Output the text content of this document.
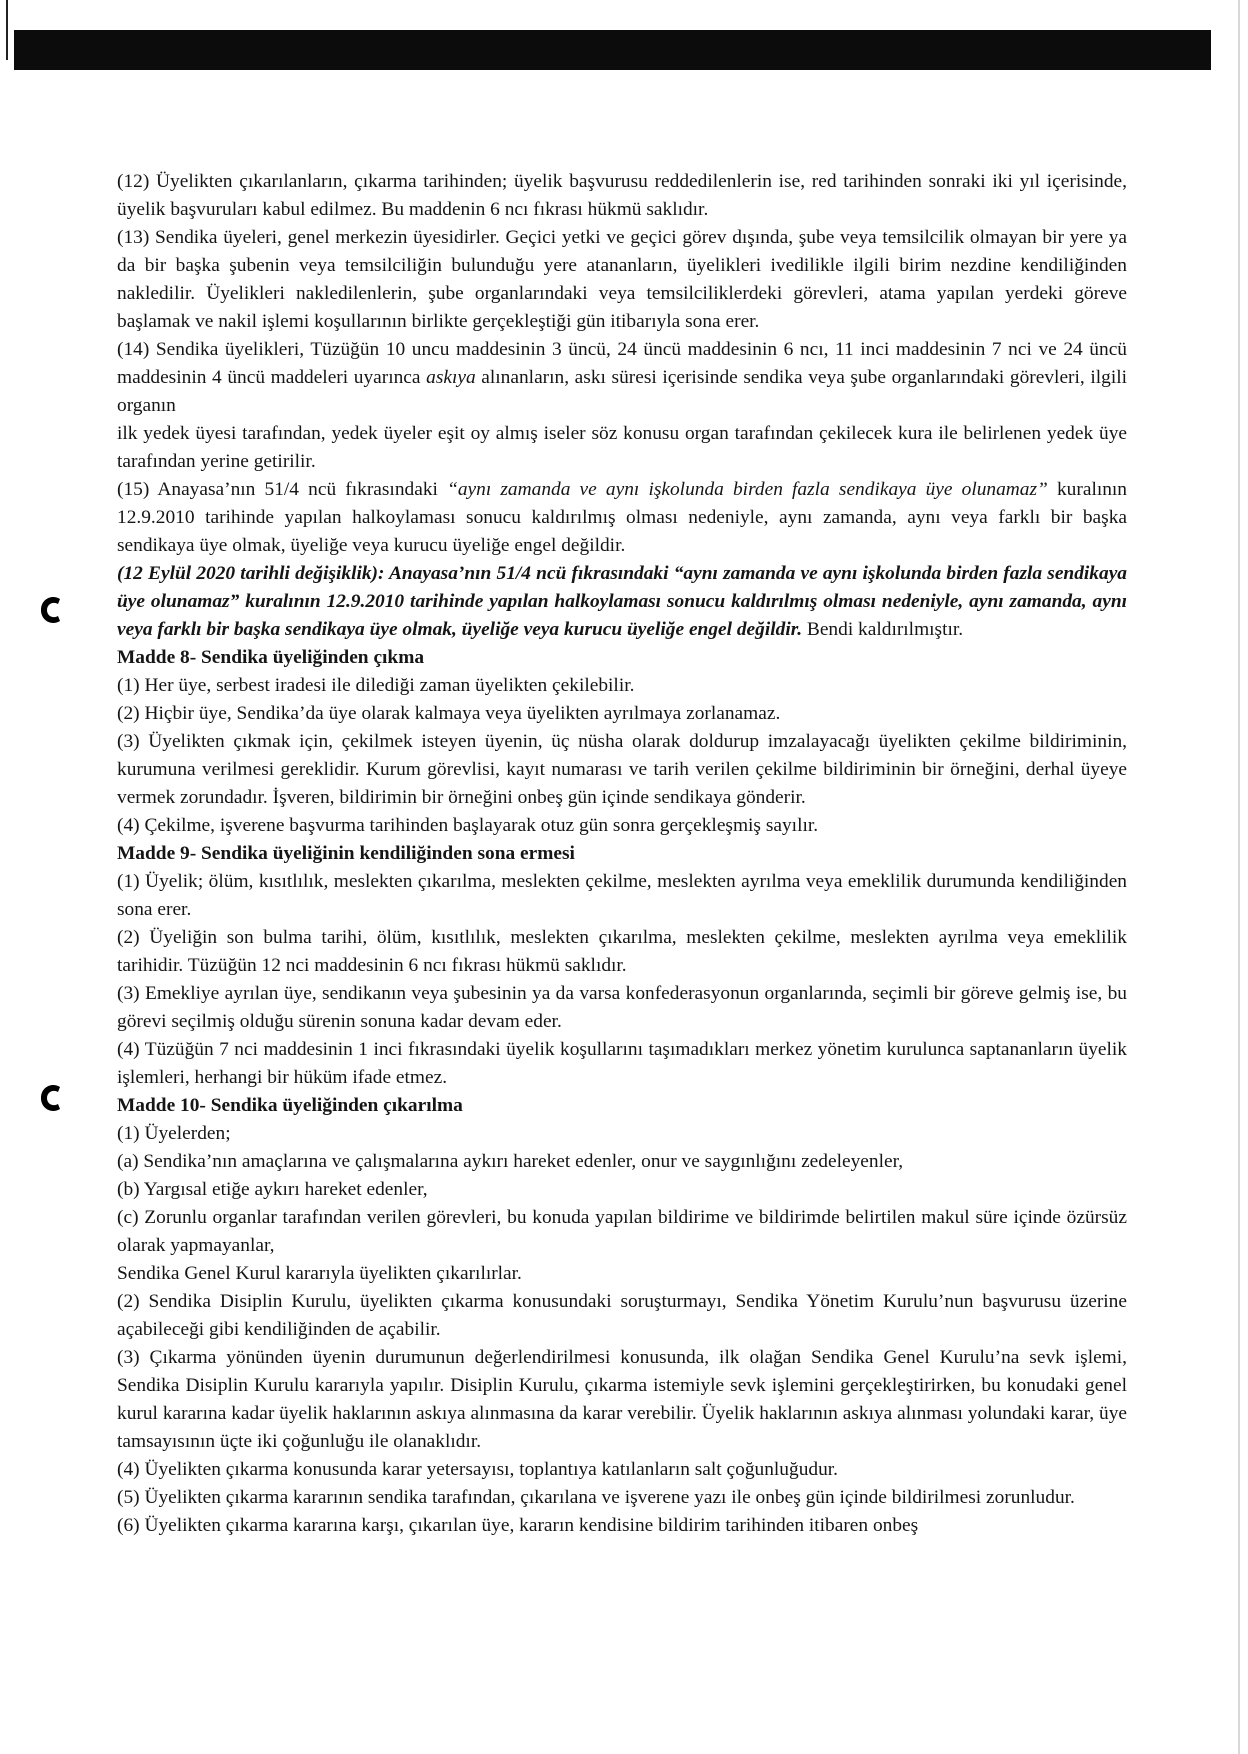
(12) Üyelikten çıkarılanların, çıkarma tarihinden; üyelik başvurusu reddedilenlerin ise, red tarihinden sonraki iki yıl içerisinde, üyelik başvuruları kabul edilmez. Bu maddenin 6 ncı fıkrası hükmü saklıdır.

(13) Sendika üyeleri, genel merkezin üyesidirler. Geçici yetki ve geçici görev dışında, şube veya temsilcilik olmayan bir yere ya da bir başka şubenin veya temsilciliğin bulunduğu yere atananların, üyelikleri ivedilikle ilgili birim nezdine kendiliğinden nakledilir. Üyelikleri nakledilenlerin, şube organlarındaki veya temsilciliklerdeki görevleri, atama yapılan yerdeki göreve başlamak ve nakil işlemi koşullarının birlikte gerçekleştiği gün itibarıyla sona erer.

(14) Sendika üyelikleri, Tüzüğün 10 uncu maddesinin 3 üncü, 24 üncü maddesinin 6 ncı, 11 inci maddesinin 7 nci ve 24 üncü maddesinin 4 üncü maddeleri uyarınca askıya alınanların, askı süresi içerisinde sendika veya şube organlarındaki görevleri, ilgili organın

ilk yedek üyesi tarafından, yedek üyeler eşit oy almış iseler söz konusu organ tarafından çekilecek kura ile belirlenen yedek üye tarafından yerine getirilir.

(15) Anayasa’nın 51/4 ncü fıkrasındaki “aynı zamanda ve aynı işkolunda birden fazla sendikaya üye olunamaz” kuralının 12.9.2010 tarihinde yapılan halkoylaması sonucu kaldırılmış olması nedeniyle, aynı zamanda, aynı veya farklı bir başka sendikaya üye olmak, üyeliğe veya kurucu üyeliğe engel değildir.

(12 Eylül 2020 tarihli değişiklik): Anayasa’nın 51/4 ncü fıkrasındaki “aynı zamanda ve aynı işkolunda birden fazla sendikaya üye olunamaz” kuralının 12.9.2010 tarihinde yapılan halkoylaması sonucu kaldırılmış olması nedeniyle, aynı zamanda, aynı veya farklı bir başka sendikaya üye olmak, üyeliğe veya kurucu üyeliğe engel değildir. Bendi kaldırılmıştır.

Madde 8- Sendika üyeliğinden çıkma

(1) Her üye, serbest iradesi ile dilediği zaman üyelikten çekilebilir.

(2) Hiçbir üye, Sendika’da üye olarak kalmaya veya üyelikten ayrılmaya zorlanamaz.

(3) Üyelikten çıkmak için, çekilmek isteyen üyenin, üç nüsha olarak doldurup imzalayacağı üyelikten çekilme bildiriminin, kurumuna verilmesi gereklidir. Kurum görevlisi, kayıt numarası ve tarih verilen çekilme bildiriminin bir örneğini, derhal üyeye vermek zorundadır. İşveren, bildirimin bir örneğini onbeş gün içinde sendikaya gönderir.

(4) Çekilme, işverene başvurma tarihinden başlayarak otuz gün sonra gerçekleşmiş sayılır.

Madde 9- Sendika üyeliğinin kendiliğinden sona ermesi

(1) Üyelik; ölüm, kısıtlılık, meslekten çıkarılma, meslekten çekilme, meslekten ayrılma veya emeklilik durumunda kendiliğinden sona erer.

(2) Üyeliğin son bulma tarihi, ölüm, kısıtlılık, meslekten çıkarılma, meslekten çekilme, meslekten ayrılma veya emeklilik tarihidir. Tüzüğün 12 nci maddesinin 6 ncı fıkrası hükmü saklıdır.

(3) Emekliye ayrılan üye, sendikanın veya şubesinin ya da varsa konfederasyonun organlarında, seçimli bir göreve gelmiş ise, bu görevi seçilmiş olduğu sürenin sonuna kadar devam eder.

(4) Tüzüğün 7 nci maddesinin 1 inci fıkrasındaki üyelik koşullarını taşımadıkları merkez yönetim kurulunca saptananların üyelik işlemleri, herhangi bir hüküm ifade etmez.

Madde 10- Sendika üyeliğinden çıkarılma

(1) Üyelerden;

(a) Sendika’nın amaçlarına ve çalışmalarına aykırı hareket edenler, onur ve saygınlığını zedeleyenler,

(b) Yargısal etiğe aykırı hareket edenler,

(c) Zorunlu organlar tarafından verilen görevleri, bu konuda yapılan bildirime ve bildirimde belirtilen makul süre içinde özürsüz olarak yapmayanlar,

Sendika Genel Kurul kararıyla üyelikten çıkarılırlar.

(2) Sendika Disiplin Kurulu, üyelikten çıkarma konusundaki soruşturmayı, Sendika Yönetim Kurulu’nun başvurusu üzerine açabileceği gibi kendiliğinden de açabilir.

(3) Çıkarma yönünden üyenin durumunun değerlendirilmesi konusunda, ilk olağan Sendika Genel Kurulu’na sevk işlemi, Sendika Disiplin Kurulu kararıyla yapılır. Disiplin Kurulu, çıkarma istemiyle sevk işlemini gerçekleştirirken, bu konudaki genel kurul kararına kadar üyelik haklarının askıya alınmasına da karar verebilir. Üyelik haklarının askıya alınması yolundaki karar, üye tamsayısının üçte iki çoğunluğu ile olanaklıdır.

(4) Üyelikten çıkarma konusunda karar yetersayısı, toplantıya katılanların salt çoğunluğudur.

(5) Üyelikten çıkarma kararının sendika tarafından, çıkarılana ve işverene yazı ile onbeş gün içinde bildirilmesi zorunludur.

(6) Üyelikten çıkarma kararına karşı, çıkarılan üye, kararın kendisine bildirim tarihinden itibaren onbeş
